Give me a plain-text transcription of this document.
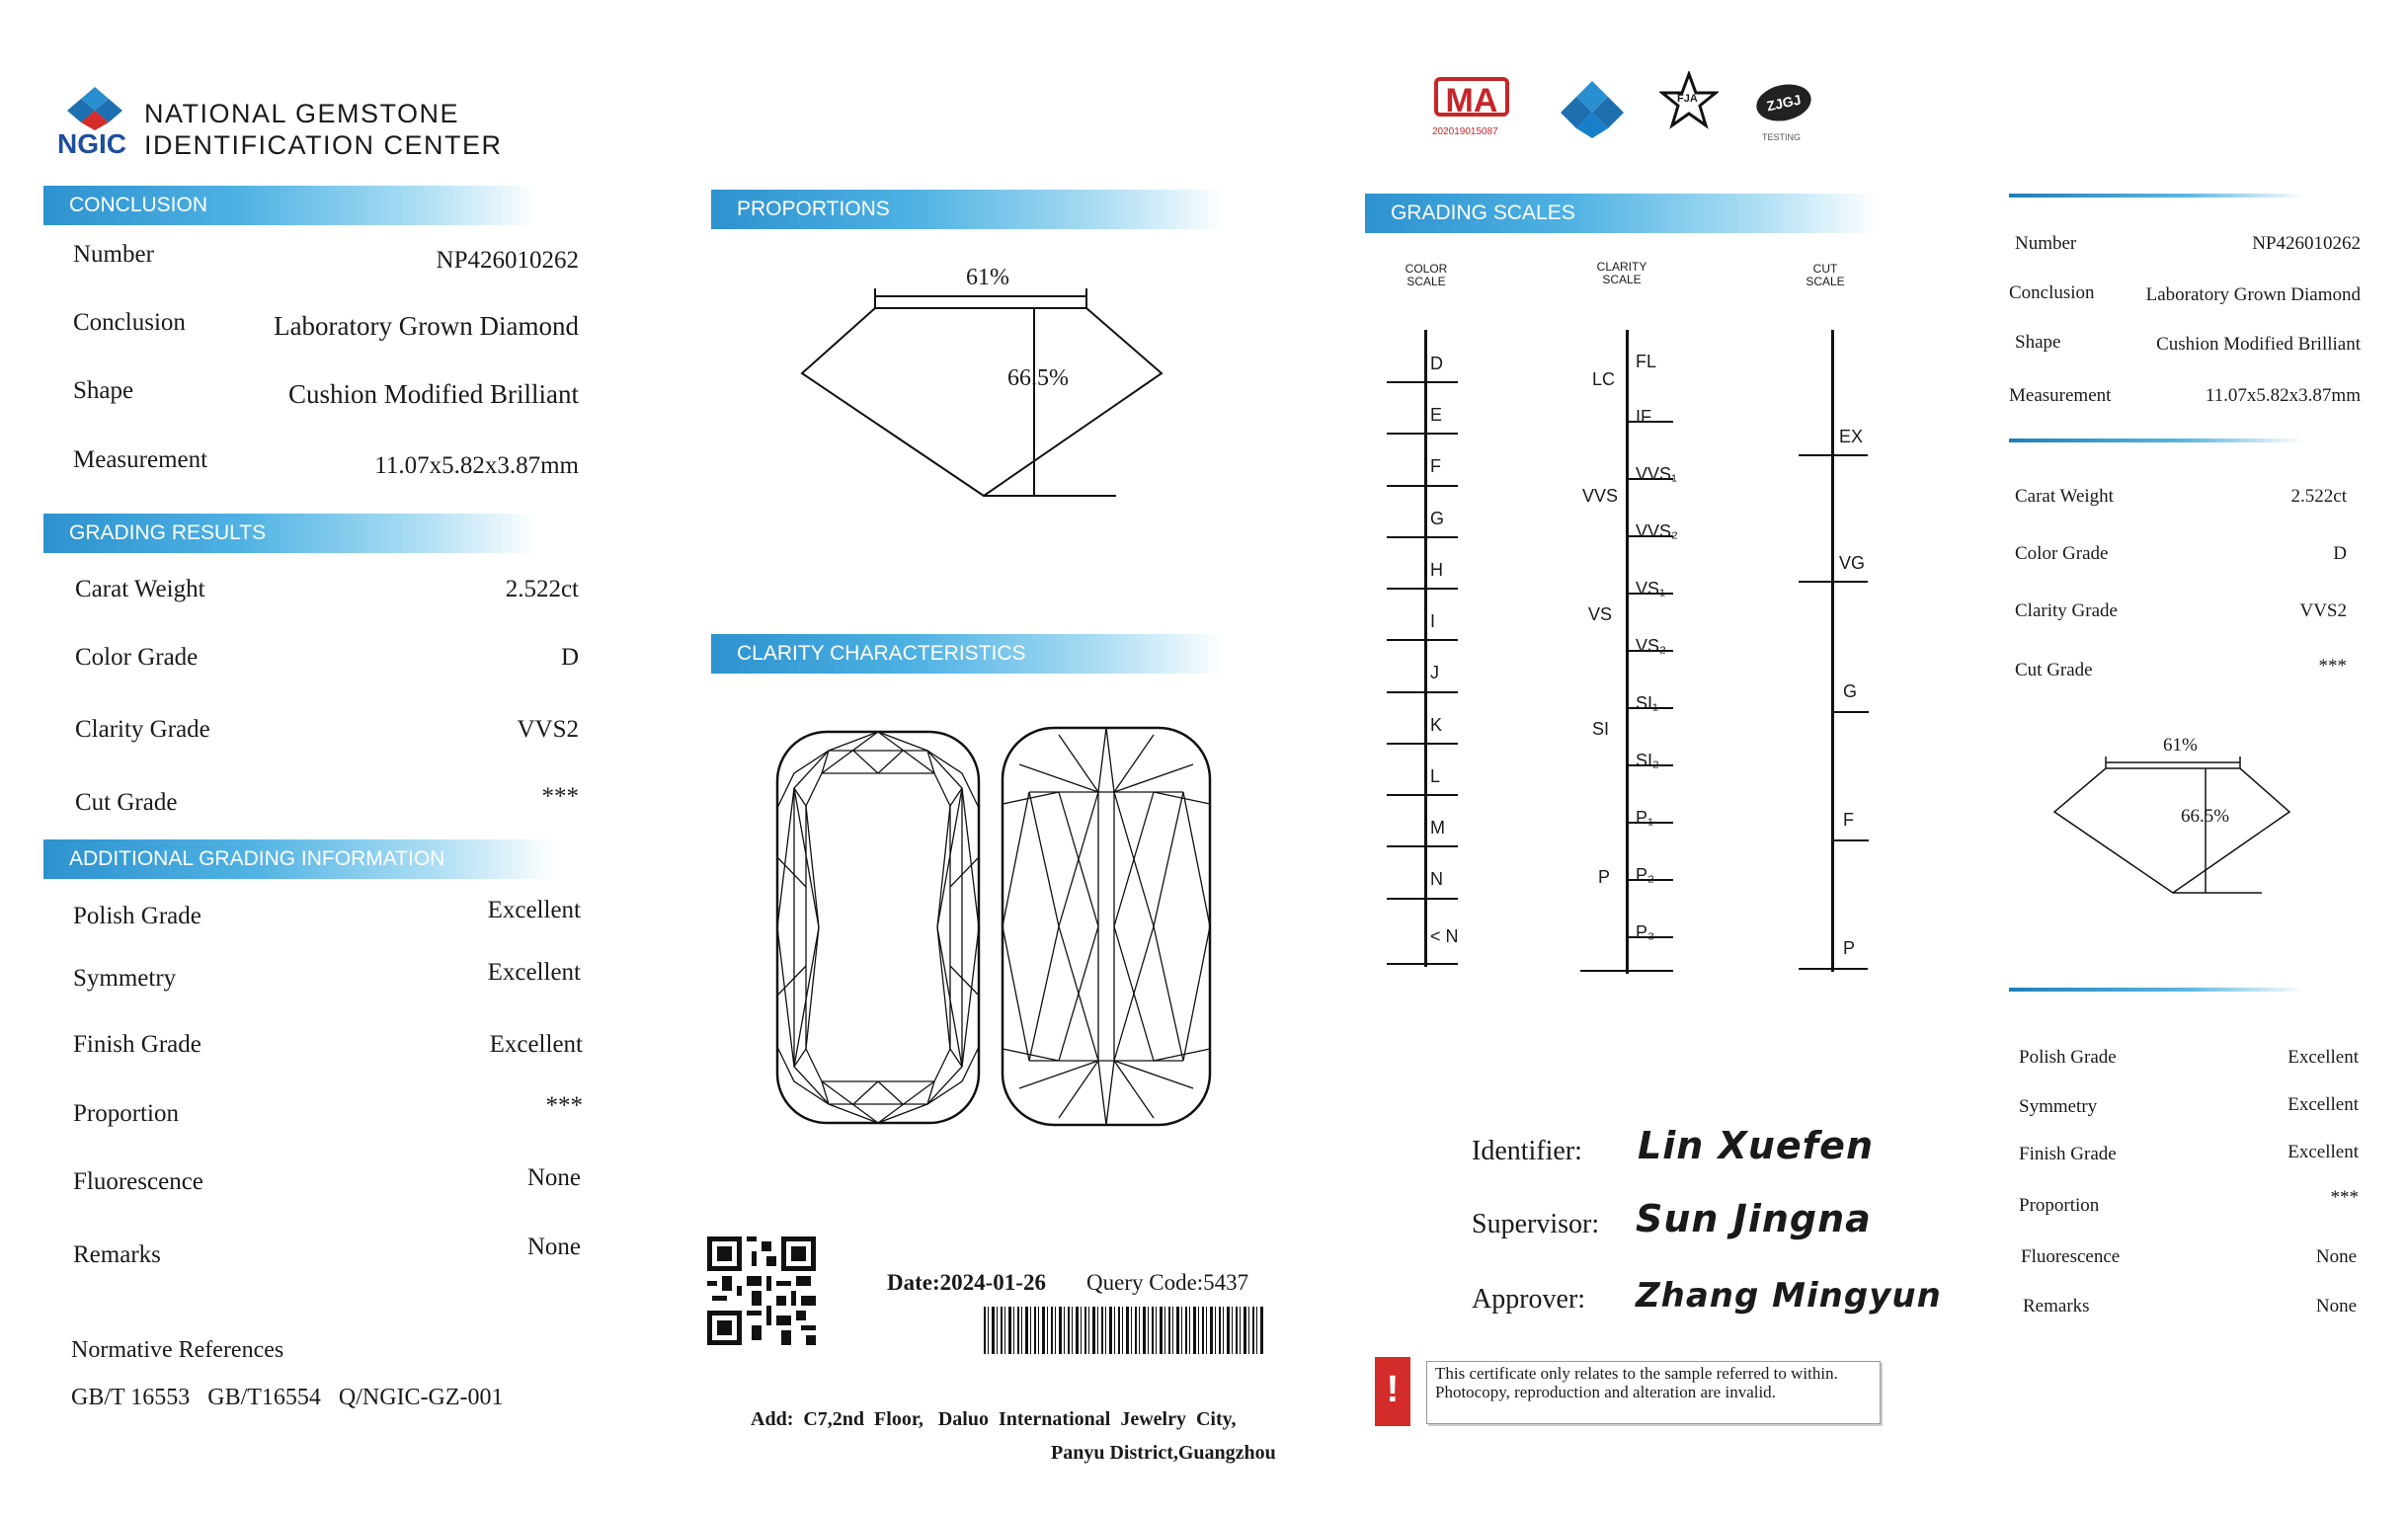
NGIC
NATIONAL GEMSTONE
IDENTIFICATION CENTER
CONCLUSION
Number	NP426010262
Conclusion	Laboratory Grown Diamond
Shape	Cushion Modified Brilliant
Measurement	11.07x5.82x3.87mm
GRADING RESULTS
Carat Weight	2.522ct
Color Grade	D
Clarity Grade	VVS2
Cut Grade	***
ADDITIONAL GRADING INFORMATION
Polish Grade	Excellent
Symmetry	Excellent
Finish Grade	Excellent
Proportion	***
Fluorescence	None
Remarks	None
Normative References
GB/T 16553   GB/T16554   Q/NGIC-GZ-001
PROPORTIONS
61%
66.5%
CLARITY CHARACTERISTICS
Date:2024-01-26 Query Code:5437
Add:  C7,2nd  Floor,   Daluo  International  Jewelry  City,
Panyu District,Guangzhou
MA
202019015087
FJA	ZJGJ
TESTING
GRADING SCALES
COLOR
SCALE
CLARITY
SCALE
CUT
SCALE
D
E
F
G
H
I
J
K
L
M
N
< N
LC
VVS
VS
SI
P
FL
IF
VVS₁
VVS₂
VS₁
VS₂
SI₁
SI₂
P₁
P₂
P₃
EX
VG
G
F
P
Identifier: Lin Xuefen
Supervisor: Sun Jingna
Approver: Zhang Mingyun
!	This certificate only relates to the sample referred to within. Photocopy, reproduction and alteration are invalid.
Number	NP426010262
Conclusion	Laboratory Grown Diamond
Shape	Cushion Modified Brilliant
Measurement	11.07x5.82x3.87mm
Carat Weight	2.522ct
Color Grade	D
Clarity Grade	VVS2
Cut Grade	***
61%
66.5%
Polish Grade	Excellent
Symmetry	Excellent
Finish Grade	Excellent
Proportion	***
Fluorescence	None
Remarks	None
